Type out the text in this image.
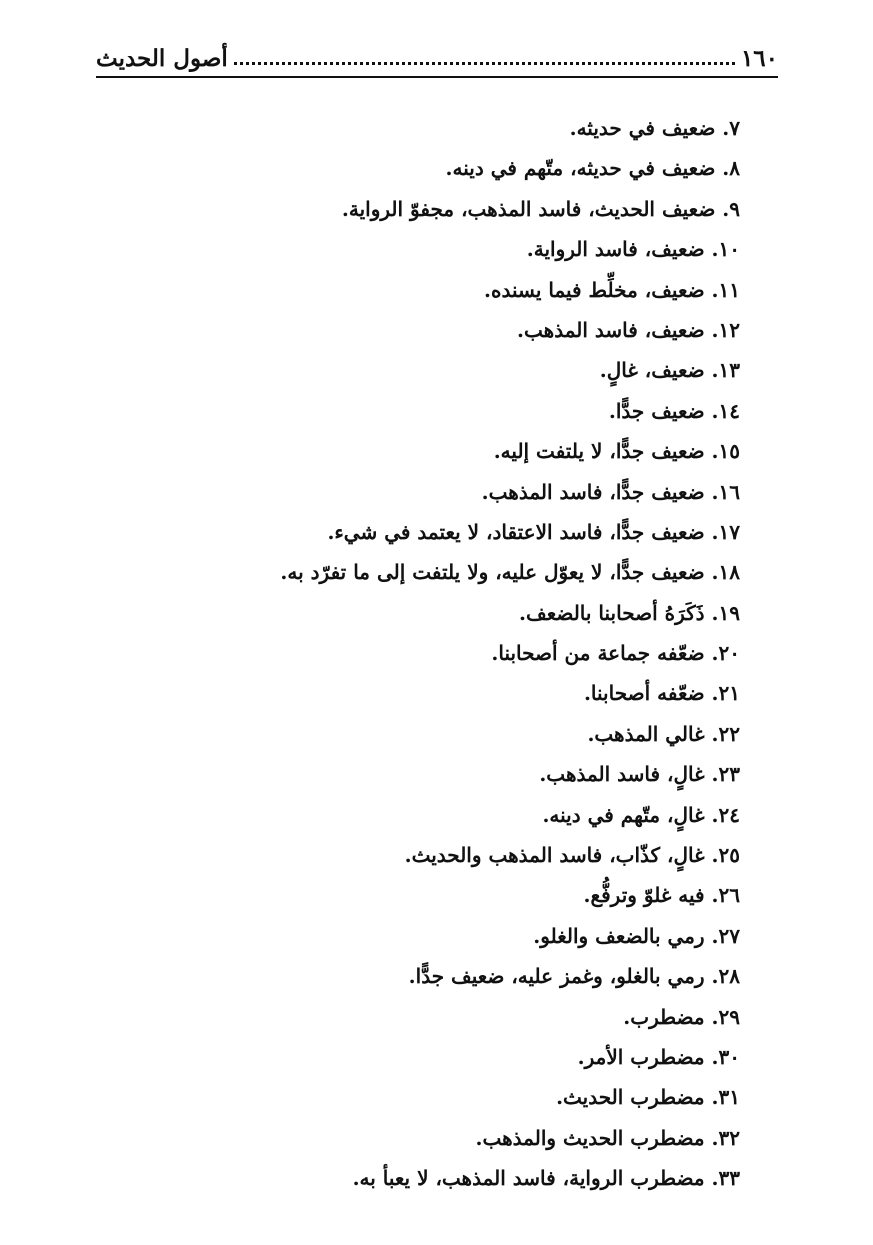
أصول الحديث	١٦٠
٧. ضعيف في حديثه.
٨. ضعيف في حديثه، متّهم في دينه.
٩. ضعيف الحديث، فاسد المذهب، مجفوّ الرواية.
١٠. ضعيف، فاسد الرواية.
١١. ضعيف، مخلِّط فيما يسنده.
١٢. ضعيف، فاسد المذهب.
١٣. ضعيف، غالٍ.
١٤. ضعيف جدًّا.
١٥. ضعيف جدًّا، لا يلتفت إليه.
١٦. ضعيف جدًّا، فاسد المذهب.
١٧. ضعيف جدًّا، فاسد الاعتقاد، لا يعتمد في شيء.
١٨. ضعيف جدًّا، لا يعوّل عليه، ولا يلتفت إلى ما تفرّد به.
١٩. ذَكَرَهُ أصحابنا بالضعف.
٢٠. ضعّفه جماعة من أصحابنا.
٢١. ضعّفه أصحابنا.
٢٢. غالي المذهب.
٢٣. غالٍ، فاسد المذهب.
٢٤. غالٍ، متّهم في دينه.
٢٥. غالٍ، كذّاب، فاسد المذهب والحديث.
٢٦. فيه غلوّ وترفُّع.
٢٧. رمي بالضعف والغلو.
٢٨. رمي بالغلو، وغمز عليه، ضعيف جدًّا.
٢٩. مضطرب.
٣٠. مضطرب الأمر.
٣١. مضطرب الحديث.
٣٢. مضطرب الحديث والمذهب.
٣٣. مضطرب الرواية، فاسد المذهب، لا يعبأ به.
